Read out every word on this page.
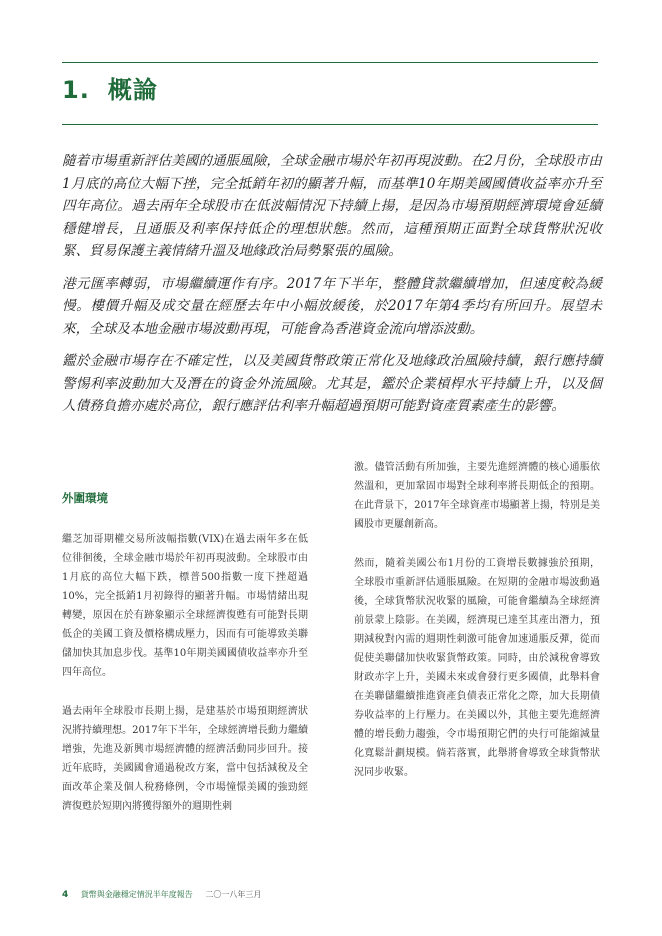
1. 概論

隨着市場重新評估美國的通脹風險，全球金融市場於年初再現波動。在2月份，全球股市由1月底的高位大幅下挫，完全抵銷年初的顯著升幅，而基準10年期美國國債收益率亦升至四年高位。過去兩年全球股市在低波幅情況下持續上揚，是因為市場預期經濟環境會延續穩健增長，且通脹及利率保持低企的理想狀態。然而，這種預期正面對全球貨幣狀況收緊、貿易保護主義情緒升溫及地緣政治局勢緊張的風險。

港元匯率轉弱，市場繼續運作有序。2017年下半年，整體貸款繼續增加，但速度較為緩慢。樓價升幅及成交量在經歷去年中小幅放緩後，於2017年第4季均有所回升。展望未來，全球及本地金融市場波動再現，可能會為香港資金流向增添波動。

鑑於金融市場存在不確定性，以及美國貨幣政策正常化及地緣政治風險持續，銀行應持續警惕利率波動加大及潛在的資金外流風險。尤其是，鑑於企業槓桿水平持續上升，以及個人債務負擔亦處於高位，銀行應評估利率升幅超過預期可能對資產質素產生的影響。

外圍環境

繼芝加哥期權交易所波幅指數(VIX)在過去兩年多在低位徘徊後，全球金融市場於年初再現波動。全球股市由1月底的高位大幅下跌，標普500指數一度下挫超過10%，完全抵銷1月初錄得的顯著升幅。市場情緒出現轉變，原因在於有跡象顯示全球經濟復甦有可能對長期低企的美國工資及價格構成壓力，因而有可能導致美聯儲加快其加息步伐。基準10年期美國國債收益率亦升至四年高位。

過去兩年全球股市長期上揚，是建基於市場預期經濟狀況將持續理想。2017年下半年，全球經濟增長動力繼續增強，先進及新興市場經濟體的經濟活動同步回升。接近年底時，美國國會通過稅改方案，當中包括減稅及全面改革企業及個人稅務條例，令市場憧憬美國的強勁經濟復甦於短期內將獲得額外的週期性刺

激。儘管活動有所加強，主要先進經濟體的核心通脹依然溫和，更加鞏固市場對全球利率將長期低企的預期。在此背景下，2017年全球資產市場顯著上揚，特別是美國股市更屢創新高。

然而，隨着美國公布1月份的工資增長數據強於預期，全球股市重新評估通脹風險。在短期的金融市場波動過後，全球貨幣狀況收緊的風險，可能會繼續為全球經濟前景蒙上陰影。在美國，經濟現已達至其產出潛力，預期減稅對內需的週期性刺激可能會加速通脹反彈，從而促使美聯儲加快收緊貨幣政策。同時，由於減稅會導致財政赤字上升，美國未來或會發行更多國債，此舉料會在美聯儲繼續推進資產負債表正常化之際，加大長期債券收益率的上行壓力。在美國以外，其他主要先進經濟體的增長動力趨強，令市場預期它們的央行可能縮減量化寬鬆計劃規模。倘若落實，此舉將會導致全球貨幣狀況同步收緊。

4 貨幣與金融穩定情況半年度報告 二〇一八年三月
